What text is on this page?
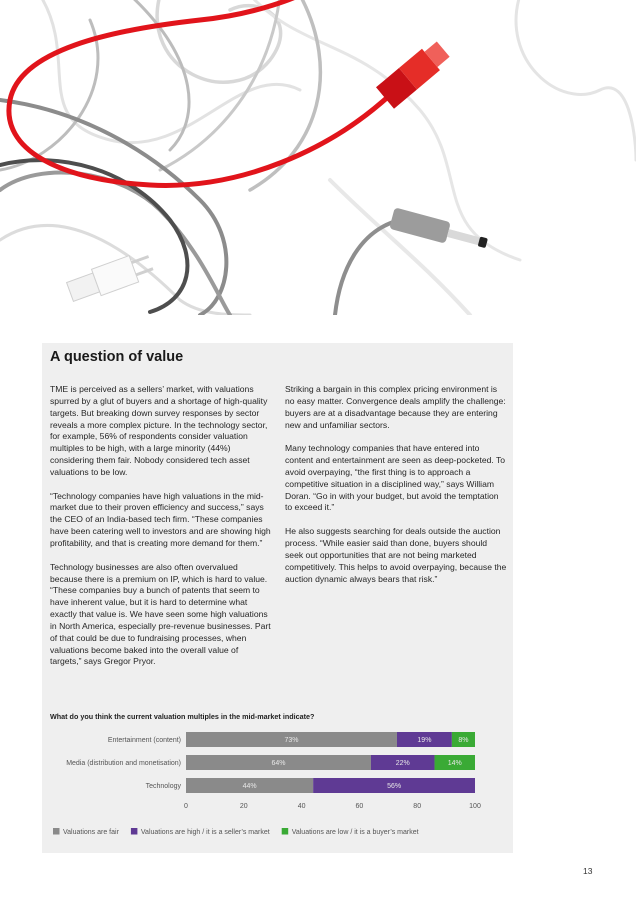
A question of value

TME is perceived as a sellers’ market, with valuations spurred by a glut of buyers and a shortage of high-quality targets. But breaking down survey responses by sector reveals a more complex picture. In the technology sector, for example, 56% of respondents consider valuation multiples to be high, with a large minority (44%) considering them fair. Nobody considered tech asset valuations to be low.

“Technology companies have high valuations in the mid-market due to their proven efficiency and success,” says the CEO of an India-based tech firm. “These companies have been catering well to investors and are showing high profitability, and that is creating more demand for them.”

Technology businesses are also often overvalued because there is a premium on IP, which is hard to value. “These companies buy a bunch of patents that seem to have inherent value, but it is hard to determine what exactly that value is. We have seen some high valuations in North America, especially pre-revenue businesses. Part of that could be due to fundraising processes, when valuations become baked into the overall value of targets,” says Gregor Pryor.

Striking a bargain in this complex pricing environment is no easy matter. Convergence deals amplify the challenge: buyers are at a disadvantage because they are entering new and unfamiliar sectors.

Many technology companies that have entered into content and entertainment are seen as deep-pocketed. To avoid overpaying, “the first thing is to approach a competitive situation in a disciplined way,” says William Doran. “Go in with your budget, but avoid the temptation to exceed it.”

He also suggests searching for deals outside the auction process. “While easier said than done, buyers should seek out opportunities that are not being marketed competitively. This helps to avoid overpaying, because the auction dynamic always bears that risk.”

What do you think the current valuation multiples in the mid-market indicate?
Entertainment (content)	73%	19%	8%
Media (distribution and monetisation)	64%	22%	14%
Technology	44%	56%
0	20	40	60	80	100
Valuations are fair	Valuations are high / it is a seller’s market	Valuations are low / it is a buyer’s market
13
